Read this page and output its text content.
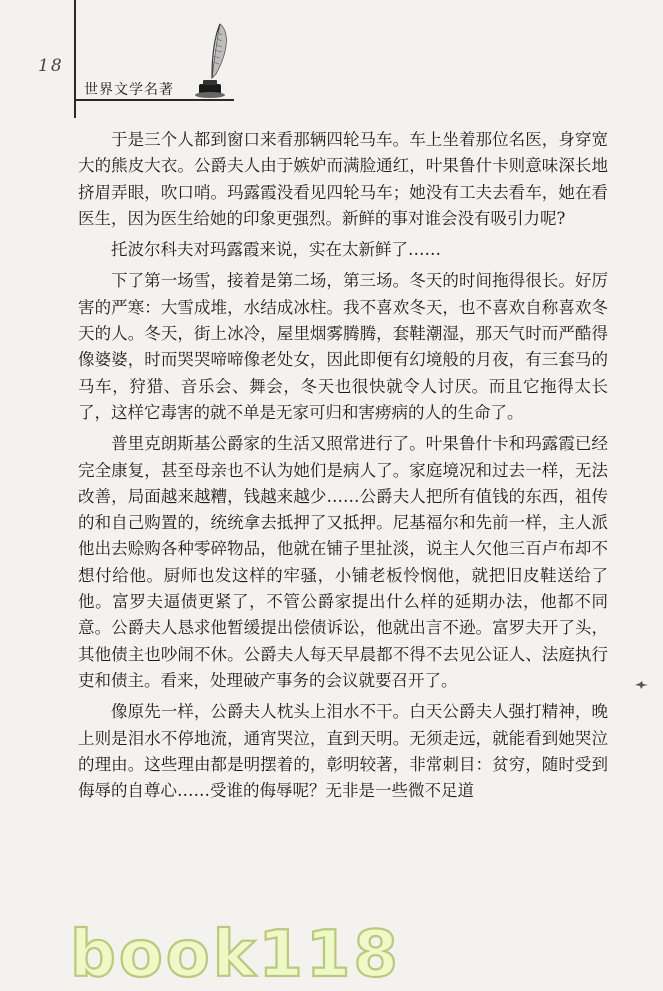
18
世界文学名著

于是三个人都到窗口来看那辆四轮马车。车上坐着那位名医，身穿宽大的熊皮大衣。公爵夫人由于嫉妒而满脸通红，叶果鲁什卡则意味深长地挤眉弄眼，吹口哨。玛露霞没看见四轮马车；她没有工夫去看车，她在看医生，因为医生给她的印象更强烈。新鲜的事对谁会没有吸引力呢?

托波尔科夫对玛露霞来说，实在太新鲜了……

下了第一场雪，接着是第二场，第三场。冬天的时间拖得很长。好厉害的严寒：大雪成堆，水结成冰柱。我不喜欢冬天，也不喜欢自称喜欢冬天的人。冬天，街上冰冷，屋里烟雾腾腾，套鞋潮湿，那天气时而严酷得像婆婆，时而哭哭啼啼像老处女，因此即便有幻境般的月夜，有三套马的马车，狩猎、音乐会、舞会，冬天也很快就令人讨厌。而且它拖得太长了，这样它毒害的就不单是无家可归和害痨病的人的生命了。

普里克朗斯基公爵家的生活又照常进行了。叶果鲁什卡和玛露霞已经完全康复，甚至母亲也不认为她们是病人了。家庭境况和过去一样，无法改善，局面越来越糟，钱越来越少……公爵夫人把所有值钱的东西，祖传的和自己购置的，统统拿去抵押了又抵押。尼基福尔和先前一样，主人派他出去赊购各种零碎物品，他就在铺子里扯淡，说主人欠他三百卢布却不想付给他。厨师也发这样的牢骚，小铺老板怜悯他，就把旧皮鞋送给了他。富罗夫逼债更紧了，不管公爵家提出什么样的延期办法，他都不同意。公爵夫人恳求他暂缓提出偿债诉讼，他就出言不逊。富罗夫开了头，其他债主也吵闹不休。公爵夫人每天早晨都不得不去见公证人、法庭执行吏和债主。看来，处理破产事务的会议就要召开了。

像原先一样，公爵夫人枕头上泪水不干。白天公爵夫人强打精神，晚上则是泪水不停地流，通宵哭泣，直到天明。无须走远，就能看到她哭泣的理由。这些理由都是明摆着的，彰明较著，非常刺目：贫穷，随时受到侮辱的自尊心……受谁的侮辱呢？无非是一些微不足道

book118
